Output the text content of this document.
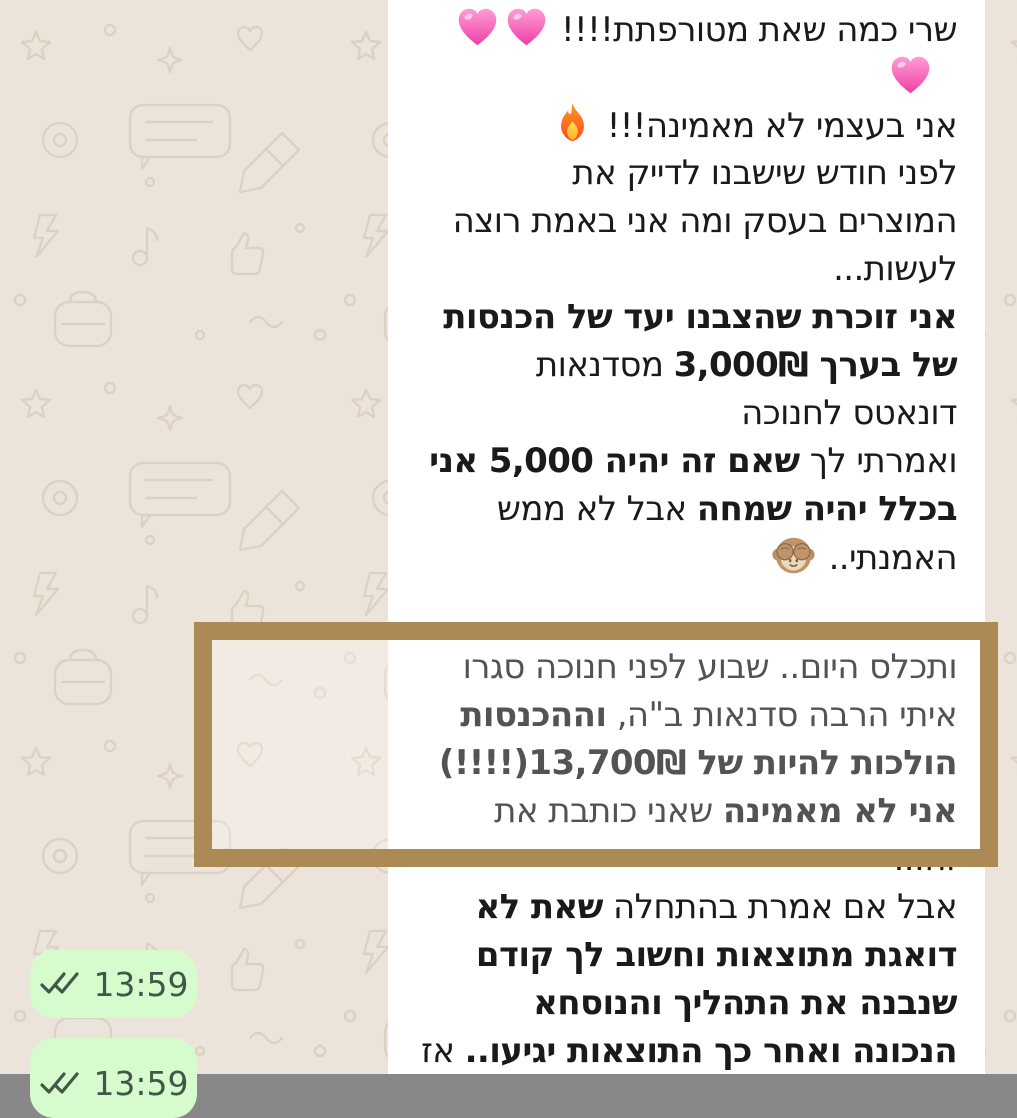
שרי כמה שאת מטורפתת!!!!
אני בעצמי לא מאמינה!!!
לפני חודש שישבנו לדייק את
המוצרים בעסק ומה אני באמת רוצה
לעשות...
אני זוכרת שהצבנו יעד של הכנסות
של בערך 3,000₪ מסדנאות
דונאטס לחנוכה
ואמרתי לך שאם זה יהיה 5,000 אני
בכלל יהיה שמחה אבל לא ממש
האמנתי..
ותכלס היום.. שבוע לפני חנוכה סגרו
איתי הרבה סדנאות ב"ה, וההכנסות
הולכות להיות של 13,700₪(!!!!)
אני לא מאמינה שאני כותבת את
זה...
אבל אם אמרת בהתחלה שאת לא
דואגת מתוצאות וחשוב לך קודם
שנבנה את התהליך והנוסחא
הנכונה ואחר כך התוצאות יגיעו.. אז
13:59
13:59
